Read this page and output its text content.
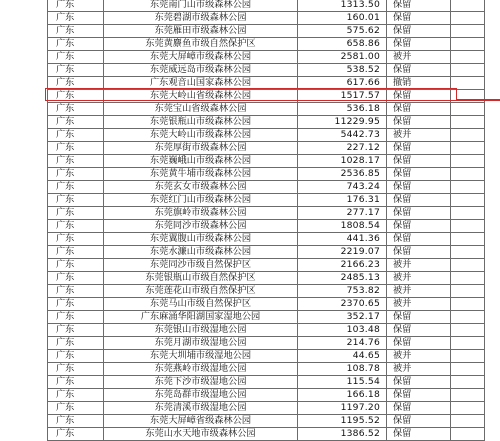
广东	东莞南门山市级森林公园	1313.50	保留	
广东	东莞碧湖市级森林公园	160.01	保留	
广东	东莞雁田市级森林公园	575.62	保留	
广东	东莞黄麖鱼市级自然保护区	658.86	保留	
广东	东莞大屏嶂市级森林公园	2581.00	被并	
广东	东莞威远岛市级森林公园	538.52	保留	
广东	广东观音山国家森林公园	617.66	撤销	
广东	东莞大岭山省级森林公园	1517.57	保留	
广东	东莞宝山省级森林公园	536.18	保留	
广东	东莞银瓶山市级森林公园	11229.95	保留	
广东	东莞大岭山市级森林公园	5442.73	被并	
广东	东莞厚街市级森林公园	227.12	保留	
广东	东莞巍峨山市级森林公园	1028.17	保留	
广东	东莞黄牛埔市级森林公园	2536.85	保留	
广东	东莞玄女市级森林公园	743.24	保留	
广东	东莞红门山市级森林公园	176.31	保留	
广东	东莞旗岭市级森林公园	277.17	保留	
广东	东莞同沙市级森林公园	1808.54	保留	
广东	东莞翼腹山市级森林公园	441.36	保留	
广东	东莞水濂山市级森林公园	2219.07	保留	
广东	东莞同沙市级自然保护区	2166.23	被并	
广东	东莞银瓶山市级自然保护区	2485.13	被并	
广东	东莞莲花山市级自然保护区	753.82	被并	
广东	东莞马山市级自然保护区	2370.65	被并	
广东	广东麻涌华阳湖国家湿地公园	352.17	保留	
广东	东莞银山市级湿地公园	103.48	保留	
广东	东莞月湖市级湿地公园	214.76	保留	
广东	东莞大圳埔市级湿地公园	44.65	被并	
广东	东莞燕岭市级湿地公园	108.78	被并	
广东	东莞下沙市级湿地公园	115.54	保留	
广东	东莞岛群市级湿地公园	166.18	保留	
广东	东莞清溪市级湿地公园	1197.20	保留	
广东	东莞大屏嶂省级森林公园	1195.52	保留	
广东	东莞山水天地市级森林公园	1386.52	保留	
